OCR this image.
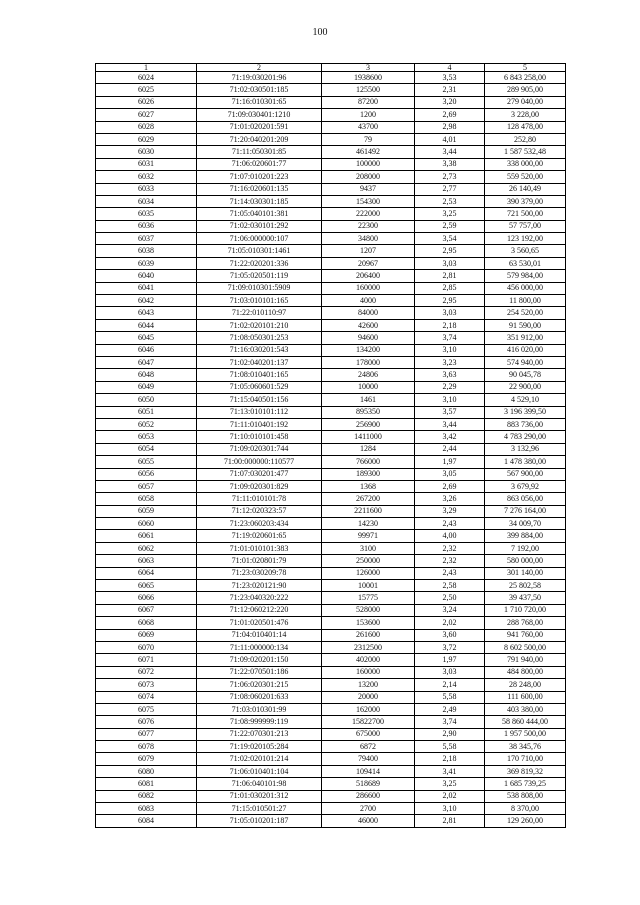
100
1	2	3	4	5
6024	71:19:030201:96	1938600	3,53	6 843 258,00
6025	71:02:030501:185	125500	2,31	289 905,00
6026	71:16:010301:65	87200	3,20	279 040,00
6027	71:09:030401:1210	1200	2,69	3 228,00
6028	71:01:020201:591	43700	2,98	128 478,00
6029	71:20:040201:209	79	4,01	252,80
6030	71:11:050301:85	461492	3,44	1 587 532,48
6031	71:06:020601:77	100000	3,38	338 000,00
6032	71:07:010201:223	208000	2,73	559 520,00
6033	71:16:020601:135	9437	2,77	26 140,49
6034	71:14:030301:185	154300	2,53	390 379,00
6035	71:05:040101:381	222000	3,25	721 500,00
6036	71:02:030101:292	22300	2,59	57 757,00
6037	71:06:000000:107	34800	3,54	123 192,00
6038	71:05:010301:1461	1207	2,95	3 560,65
6039	71:22:020201:336	20967	3,03	63 530,01
6040	71:05:020501:119	206400	2,81	579 984,00
6041	71:09:010301:5909	160000	2,85	456 000,00
6042	71:03:010101:165	4000	2,95	11 800,00
6043	71:22:010110:97	84000	3,03	254 520,00
6044	71:02:020101:210	42600	2,18	91 590,00
6045	71:08:050301:253	94600	3,74	351 912,00
6046	71:16:030201:543	134200	3,10	416 020,00
6047	71:02:040201:137	178000	3,23	574 940,00
6048	71:08:010401:165	24806	3,63	90 045,78
6049	71:05:060601:529	10000	2,29	22 900,00
6050	71:15:040501:156	1461	3,10	4 529,10
6051	71:13:010101:112	895350	3,57	3 196 399,50
6052	71:11:010401:192	256900	3,44	883 736,00
6053	71:10:010101:458	1411000	3,42	4 783 290,00
6054	71:09:020301:744	1284	2,44	3 132,96
6055	71:00:000000:110577	766000	1,97	1 478 380,00
6056	71:07:030201:477	189300	3,05	567 900,00
6057	71:09:020301:829	1368	2,69	3 679,92
6058	71:11:010101:78	267200	3,26	863 056,00
6059	71:12:020323:57	2211600	3,29	7 276 164,00
6060	71:23:060203:434	14230	2,43	34 009,70
6061	71:19:020601:65	99971	4,00	399 884,00
6062	71:01:010101:383	3100	2,32	7 192,00
6063	71:01:020801:79	250000	2,32	580 000,00
6064	71:23:030209:78	126000	2,43	301 140,00
6065	71:23:020121:90	10001	2,58	25 802,58
6066	71:23:040320:222	15775	2,50	39 437,50
6067	71:12:060212:220	528000	3,24	1 710 720,00
6068	71:01:020501:476	153600	2,02	288 768,00
6069	71:04:010401:14	261600	3,60	941 760,00
6070	71:11:000000:134	2312500	3,72	8 602 500,00
6071	71:09:020201:150	402000	1,97	791 940,00
6072	71:22:070501:186	160000	3,03	484 800,00
6073	71:06:020301:215	13200	2,14	28 248,00
6074	71:08:060201:633	20000	5,58	111 600,00
6075	71:03:010301:99	162000	2,49	403 380,00
6076	71:08:999999:119	15822700	3,74	58 860 444,00
6077	71:22:070301:213	675000	2,90	1 957 500,00
6078	71:19:020105:284	6872	5,58	38 345,76
6079	71:02:020101:214	79400	2,18	170 710,00
6080	71:06:010401:104	109414	3,41	369 819,32
6081	71:06:040101:98	518689	3,25	1 685 739,25
6082	71:01:030201:312	286600	2,02	538 808,00
6083	71:15:010501:27	2700	3,10	8 370,00
6084	71:05:010201:187	46000	2,81	129 260,00
